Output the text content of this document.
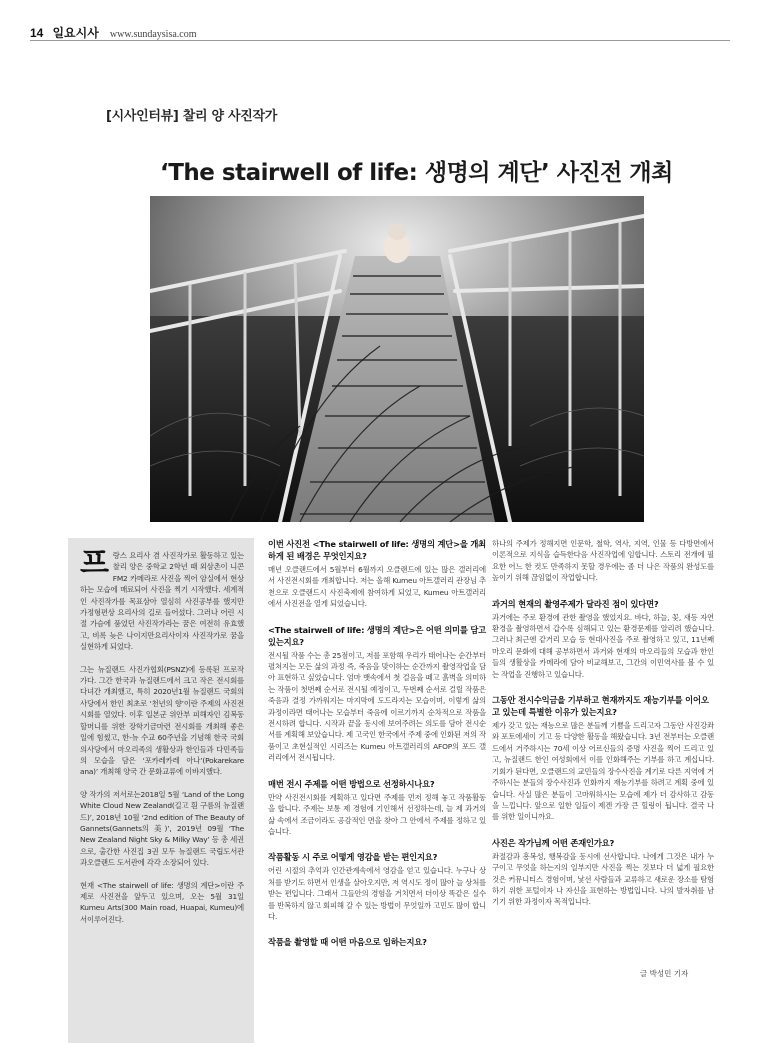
14 일요시사 www.sundaysisa.com
[시사인터뷰] 찰리 양 사진작가
‘The stairwell of life: 생명의 계단’ 사진전 개최

프랑스 요리사 겸 사진작가로 활동하고 있는 찰리 양은 중학교 2학년 때 외삼촌이 니콘 FM2 카메라로 사진을 찍어 암실에서 현상하는 모습에 매료되어 사진을 찍기 시작했다. 세계적인 사진작가를 목표삼아 열심히 사진공부를 했지만 가정형편상 요리사의 길로 들어섰다. 그러나 어린 시절 가슴에 품었던 사진작가라는 꿈은 여전히 유효했고, 비록 늦은 나이지만요리사이자 사진작가로 꿈을 실현하게 되었다.

그는 뉴질랜드 사진가협회(PSNZ)에 등록된 프로작가다. 그간 한국과 뉴질랜드에서 크고 작은 전시회를 다녀간 개최했고, 특히 2020년1월 뉴질랜드 국회의사당에서 한인 최초로 ‘천년의 향’이란 주제의 사진전시회를 열었다. 이후 일본군 위안부 피해자인 김복동 할머니를 위한 장학기금마련 전시회를 개최해 좋은 일에 힘썼고, 한-뉴 수교 60주년을 기념해 한국 국회의사당에서 마오리족의 생활상과 한인들과 다민족들의 모습을 담은 ‘포카레카레 아나’(Pokarekare ana)’ 개최해 양국 간 문화교류에 이바지했다.

양 작가의 저서로는2018일 5월 ‘Land of the Long White Cloud New Zealand(길고 흰 구름의 뉴질랜드)’, 2018년 10월 ‘2nd edition of The Beauty of Gannets(Gannets의 美)’, 2019년 09월 ‘The New Zealand Night Sky & Milky Way’ 등 총 세권으로, 출간한 사진집 3권 모두 뉴질랜드 국립도서관과오클랜드 도서관에 각각 소장되어 있다.

현재 <The stairwell of life: 생명의 계단>이란 주제로 사진전을 앞두고 있으며, 오는 5월 31일 Kumeu Arts(300 Main road, Huapai, Kumeu)에서이루어진다.

이번 사진전 <The stairwell of life: 생명의 계단>을 개최하게 된 배경은 무엇인지요?
매년 오클랜드에서 5월부터 6월까지 오클랜드에 있는 많은 갤러리에서 사진전시회를 개최합니다. 저는 올해 Kumeu 아트갤러리 관장님 추천으로 오클랜드시 사진축제에 참여하게 되었고, Kumeu 아트갤러리에서 사진전을 열게 되었습니다.
<The stairwell of life: 생명의 계단>은 어떤 의미를 담고 있는지요?
전시될 작품 수는 총 25점이고, 저를 포함해 우리가 태어나는 순간부터 펼쳐지는 모든 삶의 과정 즉, 죽음을 맞이하는 순간까지 촬영작업을 담아 표현하고 싶었습니다. 엄마 뱃속에서 첫 걸음을 떼고 흙벽을 의미하는 작품이 첫번째 순서로 전시될 예정이고, 두번째 순서로 걸릴 작품은 죽음과 결정 가까워지는 마지막에 도드라지는 모습이며, 이렇게 삶의 과정이라면 태어나는 모습부터 죽음에 이르기까지 순차적으로 작품을 전시하려 합니다. 시작과 끝을 동시에 보여주려는 의도를 담아 전시순서를 계획해 보았습니다. 제 고국인 한국에서 주제 중에 인화된 저의 작품이고 초현실적인 시리즈는 Kumeu 아트갤러리의 AFOP의 포드 갤러리에서 전시됩니다.
매번 전시 주제를 어떤 방법으로 선정하시나요?
만약 사진전시회를 계획하고 있다면 주제를 먼저 정해 놓고 작품활동을 합니다. 주제는 보통 제 경험에 기인해서 선정하는데, 늘 제 과거의 삶 속에서 조금이라도 공감적인 면을 찾아 그 안에서 주제를 정하고 있습니다.
작품활동 시 주로 어떻게 영감을 받는 편인지요?
어린 시절의 추억과 인간관계속에서 영감을 얻고 있습니다. 누구나 상처를 받기도 하면서 인생을 살아오지만, 저 역시도 정이 많아 늘 상처를 받는 편입니다. 그래서 그들안의 경험을 거치면서 더이상 똑같은 실수를 반복하지 않고 회피해 갈 수 있는 방법이 무엇일까 고민도 많이 합니다.
작품을 촬영할 때 어떤 마음으로 임하는지요?
하나의 주제가 정해지면 인문학, 철학, 역사, 지역, 인물 등 다방면에서 이론적으로 지식을 습득한다음 사진작업에 임합니다. 스토리 전개에 필요한 어느 한 컷도 만족하지 못할 경우에는 좀 더 나은 작품의 완성도를 높이기 위해 끊임없이 작업합니다.
과거의 현재의 촬영주제가 달라진 점이 있다면?
과거에는 주로 환경에 관한 촬영을 했었지요. 바다, 하늘, 꽃, 새등 자연환경을 촬영하면서 갑수록 심해되고 있는 환경문제를 알리려 했습니다. 그러나 최근엔 같거리 모습 등 현대사진을 주로 촬영하고 있고, 11년째 마오리 문화에 대해 공부하면서 과거와 현재의 마오리들의 모습과 한인들의 생활상을 카메라에 담아 비교해보고, 그간의 이민역사를 볼 수 있는 작업을 진행하고 있습니다.
그동안 전시수익금을 기부하고 현재까지도 재능기부를 이어오고 있는데 특별한 이유가 있는지요?
제가 갖고 있는 재능으로 많은 분들께 기쁨을 드리고자 그동안 사진강좌와 포토에세이 기고 등 다양한 활동을 해왔습니다. 3년 전부터는 오클랜드에서 거주하시는 70세 이상 어르신들의 증명 사진을 찍어 드리고 있고, 뉴질랜드 한인 여성회에서 이를 인화해주는 기부를 하고 계십니다. 기회가 된다면, 오클랜드의 교민들의 장수사진을 계기로 다른 지역에 거주하시는 분들의 장수사진과 인화까지 재능기부를 하려고 계획 중에 있습니다. 사실 많은 분들이 고마워하시는 모습에 제가 더 감사하고 감동을 느낍니다. 앞으로 일한 일들이 제겐 가장 큰 힐링이 됩니다. 결국 나를 위한 일이니까요.
사진은 작가님께 어떤 존재인가요?
좌절감과 흥복성, 행복감을 동시에 선사합니다. 나에게 그것은 내가 누구이고 무엇을 하는지의 일부지만 사진을 찍는 것보다 더 넓게 필요한 것은 커뮤니티스 경험이며, 낯선 사람들과 교류하고 새로운 장소를 탐험하기 위한 포털이자 나 자신을 표현하는 방법입니다. 나의 발자취를 남기기 위한 과정이자 목적입니다.
글 박성민 기자
